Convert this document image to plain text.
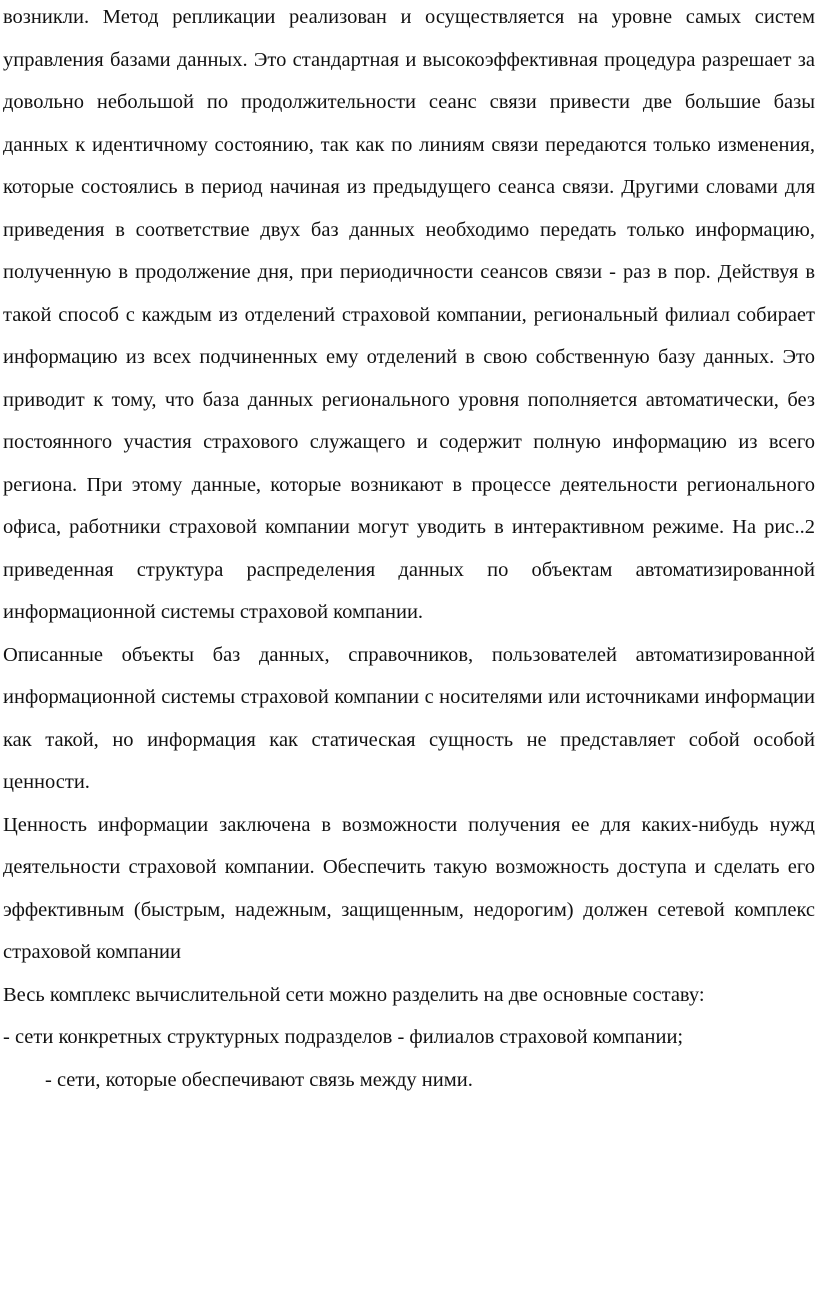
возникли. Метод репликации реализован и осуществляется на уровне самых систем управления базами данных. Это стандартная и высокоэффективная процедура разрешает за довольно небольшой по продолжительности сеанс связи привести две большие базы данных к идентичному состоянию, так как по линиям связи передаются только изменения, которые состоялись в период начиная из предыдущего сеанса связи. Другими словами для приведения в соответствие двух баз данных необходимо передать только информацию, полученную в продолжение дня, при периодичности сеансов связи - раз в пор. Действуя в такой способ с каждым из отделений страховой компании, региональный филиал собирает информацию из всех подчиненных ему отделений в свою собственную базу данных. Это приводит к тому, что база данных регионального уровня пополняется автоматически, без постоянного участия страхового служащего и содержит полную информацию из всего региона. При этому данные, которые возникают в процессе деятельности регионального офиса, работники страховой компании могут уводить в интерактивном режиме. На рис..2 приведенная структура распределения данных по объектам автоматизированной информационной системы страховой компании.

Описанные объекты баз данных, справочников, пользователей автоматизированной информационной системы страховой компании с носителями или источниками информации как такой, но информация как статическая сущность не представляет собой особой ценности.

Ценность информации заключена в возможности получения ее для каких-нибудь нужд деятельности страховой компании. Обеспечить такую возможность доступа и сделать его эффективным (быстрым, надежным, защищенным, недорогим) должен сетевой комплекс страховой компании

Весь комплекс вычислительной сети можно разделить на две основные составу:

- сети конкретных структурных подразделов - филиалов страховой компании;

- сети, которые обеспечивают связь между ними.
